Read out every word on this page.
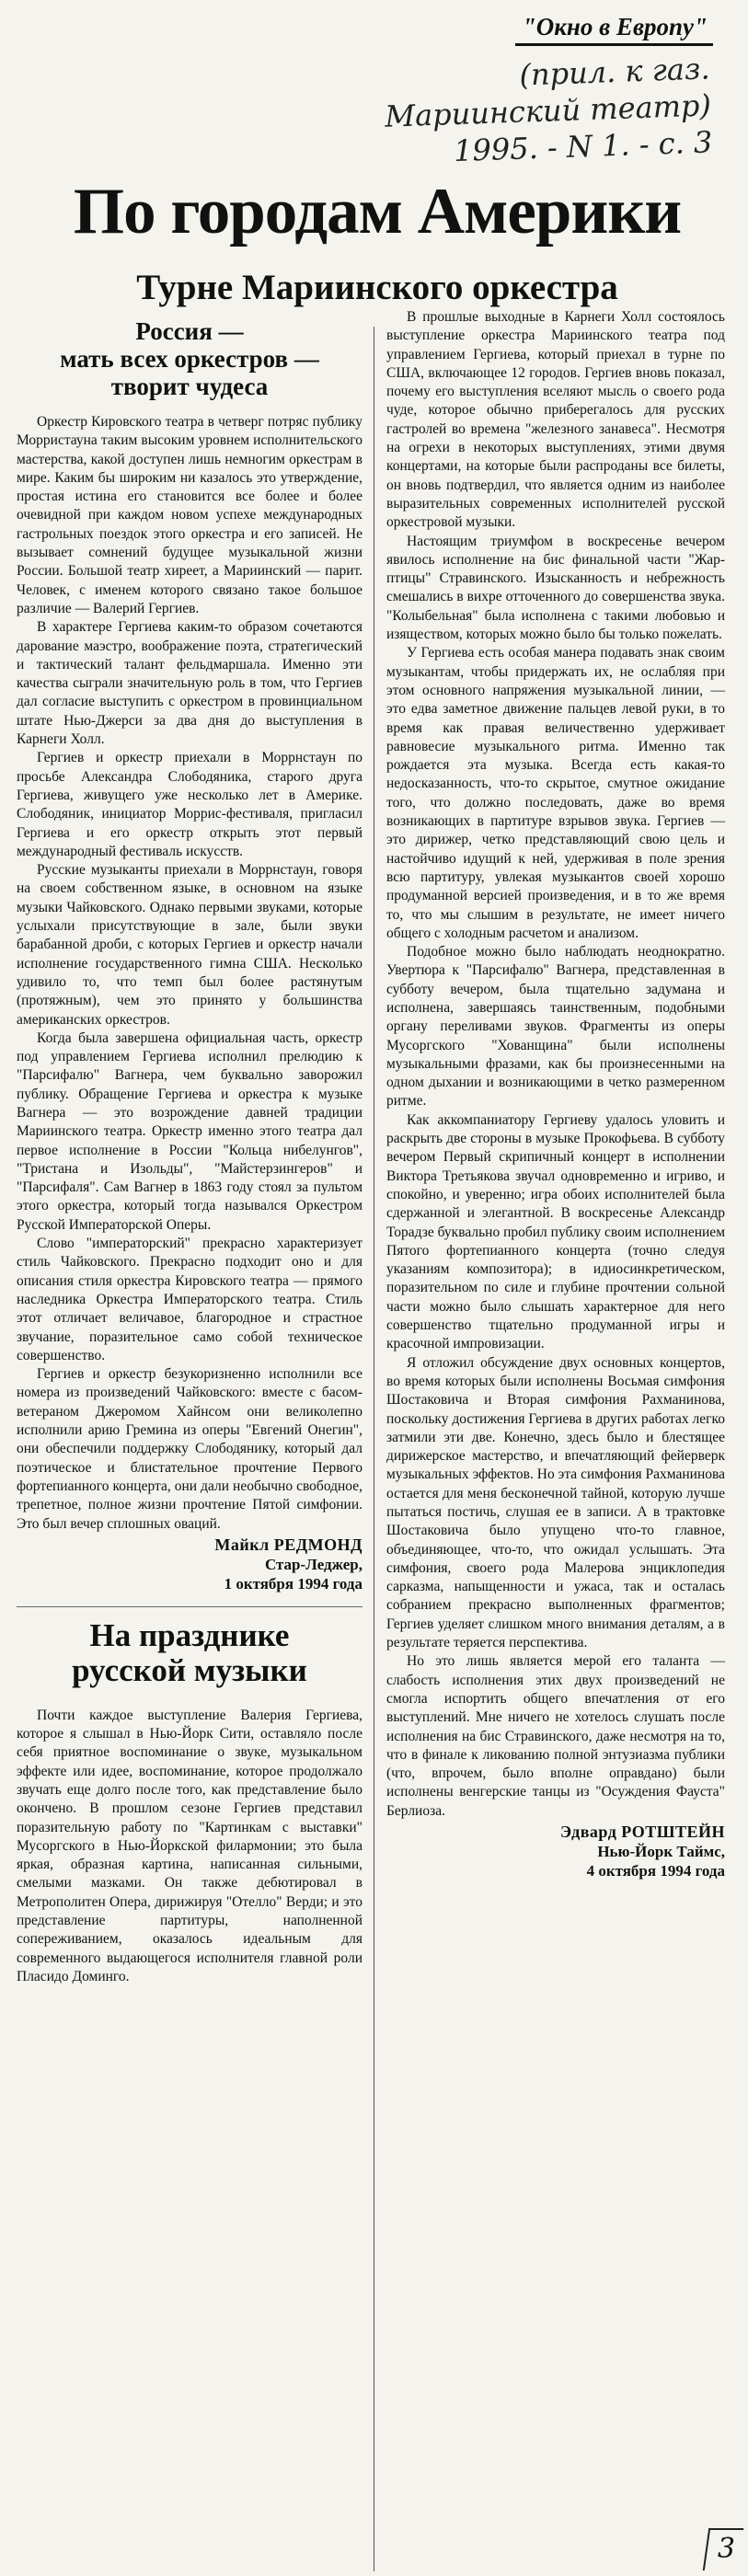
"Окно в Европу"
(прил. к газ.
Мариинский театр)
1995. - N 1. - с. 3
По городам Америки
Турне Мариинского оркестра
Россия —
мать всех оркестров —
творит чудеса

Оркестр Кировского театра в четверг потряс публику Морристауна таким высоким уровнем исполнительского мастерства, какой доступен лишь немногим оркестрам в мире. Каким бы широким ни казалось это утверждение, простая истина его становится все более и более очевидной при каждом новом успехе международных гастрольных поездок этого оркестра и его записей. Не вызывает сомнений будущее музыкальной жизни России. Большой театр хиреет, а Мариинский — парит. Человек, с именем которого связано такое большое различие — Валерий Гергиев.

В характере Гергиева каким-то образом сочетаются дарование маэстро, воображение поэта, стратегический и тактический талант фельдмаршала. Именно эти качества сыграли значительную роль в том, что Гергиев дал согласие выступить с оркестром в провинциальном штате Нью-Джерси за два дня до выступления в Карнеги Холл.

Гергиев и оркестр приехали в Моррнстаун по просьбе Александра Слободяника, старого друга Гергиева, живущего уже несколько лет в Америке. Слободяник, инициатор Моррис-фестиваля, пригласил Гергиева и его оркестр открыть этот первый международный фестиваль искусств.

Русские музыканты приехали в Моррнстаун, говоря на своем собственном языке, в основном на языке музыки Чайковского. Однако первыми звуками, которые услыхали присутствующие в зале, были звуки барабанной дроби, с которых Гергиев и оркестр начали исполнение государственного гимна США. Несколько удивило то, что темп был более растянутым (протяжным), чем это принято у большинства американских оркестров.

Когда была завершена официальная часть, оркестр под управлением Гергиева исполнил прелюдию к "Парсифалю" Вагнера, чем буквально заворожил публику. Обращение Гергиева и оркестра к музыке Вагнера — это возрождение давней традиции Мариинского театра. Оркестр именно этого театра дал первое исполнение в России "Кольца нибелунгов", "Тристана и Изольды", "Майстерзингеров" и "Парсифаля". Сам Вагнер в 1863 году стоял за пультом этого оркестра, который тогда назывался Оркестром Русской Императорской Оперы.

Слово "императорский" прекрасно характеризует стиль Чайковского. Прекрасно подходит оно и для описания стиля оркестра Кировского театра — прямого наследника Оркестра Императорского театра. Стиль этот отличает величавое, благородное и страстное звучание, поразительное само собой техническое совершенство.

Гергиев и оркестр безукоризненно исполнили все номера из произведений Чайковского: вместе с басом-ветераном Джеромом Хайнсом они великолепно исполнили арию Гремина из оперы "Евгений Онегин", они обеспечили поддержку Слободянику, который дал поэтическое и блистательное прочтение Первого фортепианного концерта, они дали необычно свободное, трепетное, полное жизни прочтение Пятой симфонии. Это был вечер сплошных оваций.

Майкл РЕДМОНД
Стар-Леджер,
1 октября 1994 года
На празднике
русской музыки

Почти каждое выступление Валерия Гергиева, которое я слышал в Нью-Йорк Сити, оставляло после себя приятное воспоминание о звуке, музыкальном эффекте или идее, воспоминание, которое продолжало звучать еще долго после того, как представление было окончено. В прошлом сезоне Гергиев представил поразительную работу по "Картинкам с выставки" Мусоргского в Нью-Йоркской филармонии; это была яркая, образная картина, написанная сильными, смелыми мазками. Он также дебютировал в Метрополитен Опера, дирижируя "Отелло" Верди; и это представление партитуры, наполненной сопереживанием, оказалось идеальным для современного выдающегося исполнителя главной роли Пласидо Доминго.

В прошлые выходные в Карнеги Холл состоялось выступление оркестра Мариинского театра под управлением Гергиева, который приехал в турне по США, включающее 12 городов. Гергиев вновь показал, почему его выступления вселяют мысль о своего рода чуде, которое обычно приберегалось для русских гастролей во времена "железного занавеса". Несмотря на огрехи в некоторых выступлениях, этими двумя концертами, на которые были распроданы все билеты, он вновь подтвердил, что является одним из наиболее выразительных современных исполнителей русской оркестровой музыки.

Настоящим триумфом в воскресенье вечером явилось исполнение на бис финальной части "Жар-птицы" Стравинского. Изысканность и небрежность смешались в вихре отточенного до совершенства звука. "Колыбельная" была исполнена с такими любовью и изяществом, которых можно было бы только пожелать.

У Гергиева есть особая манера подавать знак своим музыкантам, чтобы придержать их, не ослабляя при этом основного напряжения музыкальной линии, — это едва заметное движение пальцев левой руки, в то время как правая величественно удерживает равновесие музыкального ритма. Именно так рождается эта музыка. Всегда есть какая-то недосказанность, что-то скрытое, смутное ожидание того, что должно последовать, даже во время возникающих в партитуре взрывов звука. Гергиев — это дирижер, четко представляющий свою цель и настойчиво идущий к ней, удерживая в поле зрения всю партитуру, увлекая музыкантов своей хорошо продуманной версией произведения, и в то же время то, что мы слышим в результате, не имеет ничего общего с холодным расчетом и анализом.

Подобное можно было наблюдать неоднократно. Увертюра к "Парсифалю" Вагнера, представленная в субботу вечером, была тщательно задумана и исполнена, завершаясь таинственным, подобными органу переливами звуков. Фрагменты из оперы Мусоргского "Хованщина" были исполнены музыкальными фразами, как бы произнесенными на одном дыхании и возникающими в четко размеренном ритме.

Как аккомпаниатору Гергиеву удалось уловить и раскрыть две стороны в музыке Прокофьева. В субботу вечером Первый скрипичный концерт в исполнении Виктора Третьякова звучал одновременно и игриво, и спокойно, и уверенно; игра обоих исполнителей была сдержанной и элегантной. В воскресенье Александр Торадзе буквально пробил публику своим исполнением Пятого фортепианного концерта (точно следуя указаниям композитора); в идиосинкретическом, поразительном по силе и глубине прочтении сольной части можно было слышать характерное для него совершенство тщательно продуманной игры и красочной импровизации.

Я отложил обсуждение двух основных концертов, во время которых были исполнены Восьмая симфония Шостаковича и Вторая симфония Рахманинова, поскольку достижения Гергиева в других работах легко затмили эти две. Конечно, здесь было и блестящее дирижерское мастерство, и впечатляющий фейерверк музыкальных эффектов. Но эта симфония Рахманинова остается для меня бесконечной тайной, которую лучше пытаться постичь, слушая ее в записи. А в трактовке Шостаковича было упущено что-то главное, объединяющее, что-то, что ожидал услышать. Эта симфония, своего рода Малерова энциклопедия сарказма, напыщенности и ужаса, так и осталась собранием прекрасно выполненных фрагментов; Гергиев уделяет слишком много внимания деталям, а в результате теряется перспектива.

Но это лишь является мерой его таланта — слабость исполнения этих двух произведений не смогла испортить общего впечатления от его выступлений. Мне ничего не хотелось слушать после исполнения на бис Стравинского, даже несмотря на то, что в финале к ликованию полной энтузиазма публики (что, впрочем, было вполне оправдано) были исполнены венгерские танцы из "Осуждения Фауста" Берлиоза.

Эдвард РОТШТЕЙН
Нью-Йорк Таймс,
4 октября 1994 года
3
